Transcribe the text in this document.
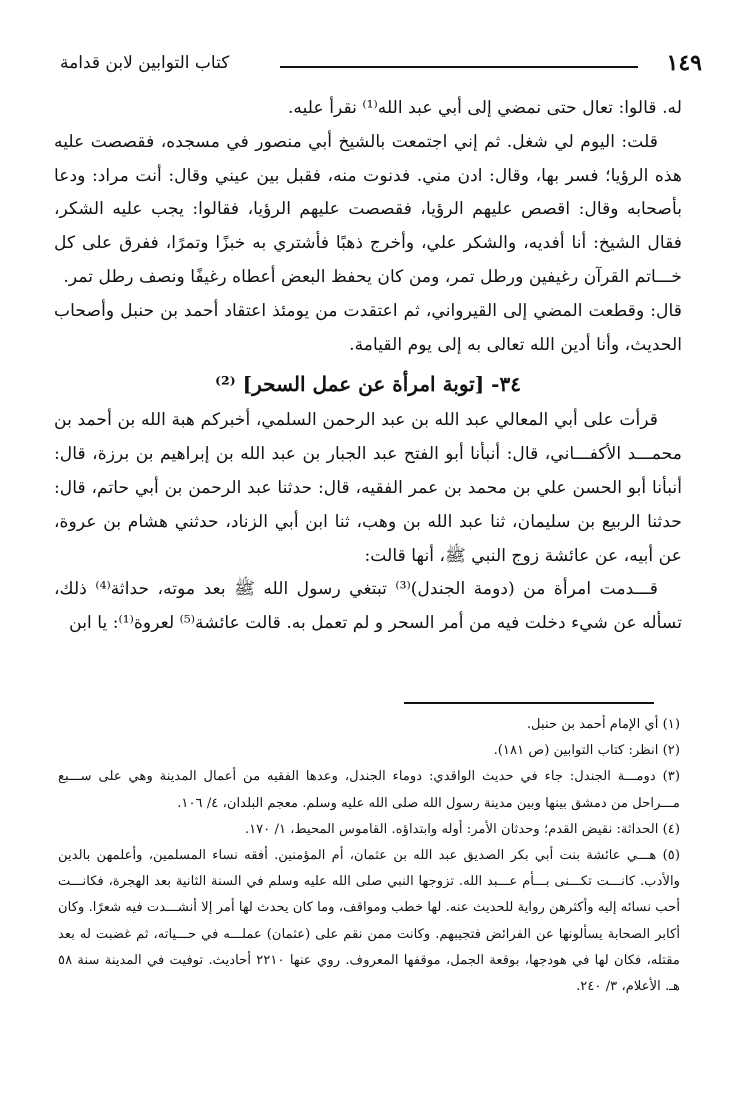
كتاب التوابين لابن قدامة	١٤٩

له. قالوا: تعال حتى نمضي إلى أبي عبد الله⁽¹⁾ نقرأ عليه.

قلت: اليوم لي شغل. ثم إني اجتمعت بالشيخ أبي منصور في مسجده، فقصصت عليه هذه الرؤيا؛ فسر بها، وقال: ادن مني. فدنوت منه، فقبل بين عيني وقال: أنت مراد: ودعا بأصحابه وقال: اقصص عليهم الرؤيا، فقصصت عليهم الرؤيا، فقالوا: يجب عليه الشكر، فقال الشيخ: أنا أفديه، والشكر علي، وأخرج ذهبًا فأشتري به خبزًا وتمرًا، ففرق على كل خـــاتم القرآن رغيفين ورطل تمر، ومن كان يحفظ البعض أعطاه رغيفًا ونصف رطل تمر.

قال: وقطعت المضي إلى القيرواني، ثم اعتقدت من يومئذ اعتقاد أحمد بن حنبل وأصحاب الحديث، وأنا أدين الله تعالى به إلى يوم القيامة.

٣٤- [توبة امرأة عن عمل السحر] ⁽²⁾

قرأت على أبي المعالي عبد الله بن عبد الرحمن السلمي، أخبركم هبة الله بن أحمد بن محمـــد الأكفـــاني، قال: أنبأنا أبو الفتح عبد الجبار بن عبد الله بن إبراهيم بن برزة، قال: أنبأنا أبو الحسن علي بن محمد بن عمر الفقيه، قال: حدثنا عبد الرحمن بن أبي حاتم، قال: حدثنا الربيع بن سليمان، ثنا عبد الله بن وهب، ثنا ابن أبي الزناد، حدثني هشام بن عروة، عن أبيه، عن عائشة زوج النبي ﷺ، أنها قالت:

قـــدمت امرأة من (دومة الجندل)⁽³⁾ تبتغي رسول الله ﷺ بعد موته، حداثة⁽⁴⁾ ذلك، تسأله عن شيء دخلت فيه من أمر السحر و لم تعمل به. قالت عائشة⁽⁵⁾ لعروة⁽¹⁾: يا ابن

(١) أي الإمام أحمد بن حنبل.

(٢) انظر: كتاب التوابين (ص ١٨١).

(٣) دومـــة الجندل: جاء في حديث الواقدي: دوماء الجندل، وعدها الفقيه من أعمال المدينة وهي على ســـبع مـــراحل من دمشق بينها وبين مدينة رسول الله صلى الله عليه وسلم. معجم البلدان، ٤/ ١٠٦.

(٤) الحداثة: نقيض القدم؛ وحدثان الأمر: أوله وابتداؤه. القاموس المحيط، ١/ ١٧٠.

(٥) هـــي عائشة بنت أبي بكر الصديق عبد الله بن عثمان، أم المؤمنين. أفقه نساء المسلمين، وأعلمهن بالدين والأدب. كانـــت تكـــنى بـــأم عـــبد الله. تزوجها النبي صلى الله عليه وسلم في السنة الثانية بعد الهجرة، فكانـــت أحب نسائه إليه وأكثرهن رواية للحديث عنه. لها خطب ومواقف، وما كان يحدث لها أمر إلا أنشـــدت فيه شعرًا. وكان أكابر الصحابة يسألونها عن الفرائض فتجيبهم. وكانت ممن نقم على (عثمان) عملـــه في حـــياته، ثم غضبت له بعد مقتله، فكان لها في هودجها، بوقعة الجمل، موقفها المعروف. روي عنها ٢٢١٠ أحاديث. توفيت في المدينة سنة ٥٨ هـ. الأعلام، ٣/ ٢٤٠.
